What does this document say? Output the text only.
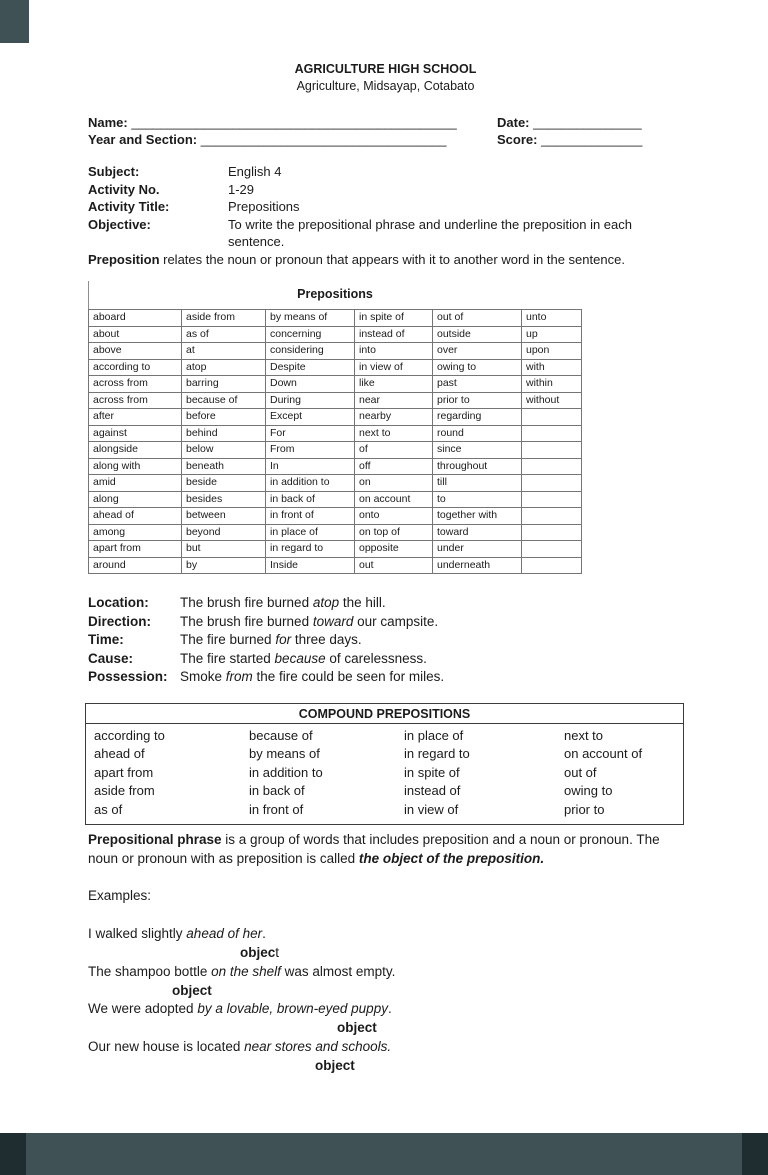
AGRICULTURE HIGH SCHOOL
Agriculture, Midsayap, Cotabato
Name: _____________________________________________	Date: _______________
Year and Section: __________________________________	Score: ______________
Subject:	English 4
Activity No.	1-29
Activity Title:	Prepositions
Objective:	To write the prepositional phrase and underline the preposition in each sentence.
Preposition relates the noun or pronoun that appears with it to another word in the sentence.
Prepositions
aboard	aside from	by means of	in spite of	out of	unto
about	as of	concerning	instead of	outside	up
above	at	considering	into	over	upon
according to	atop	Despite	in view of	owing to	with
across from	barring	Down	like	past	within
across from	because of	During	near	prior to	without
after	before	Except	nearby	regarding	
against	behind	For	next to	round	
alongside	below	From	of	since	
along with	beneath	In	off	throughout	
amid	beside	in addition to	on	till	
along	besides	in back of	on account	to	
ahead of	between	in front of	onto	together with	
among	beyond	in place of	on top of	toward	
apart from	but	in regard to	opposite	under	
around	by	Inside	out	underneath	
Location:	The brush fire burned atop the hill.
Direction:	The brush fire burned toward our campsite.
Time:	The fire burned for three days.
Cause:	The fire started because of carelessness.
Possession: Smoke from the fire could be seen for miles.
COMPOUND PREPOSITIONS
according to	because of	in place of	next to
ahead of	by means of	in regard to	on account of
apart from	in addition to	in spite of	out of
aside from	in back of	instead of	owing to
as of	in front of	in view of	prior to

Prepositional phrase is a group of words that includes preposition and a noun or pronoun. The noun or pronoun with as preposition is called the object of the preposition.

Examples:
I walked slightly ahead of her.
object
The shampoo bottle on the shelf was almost empty.
object
We were adopted by a lovable, brown-eyed puppy.
object
Our new house is located near stores and schools.
object
